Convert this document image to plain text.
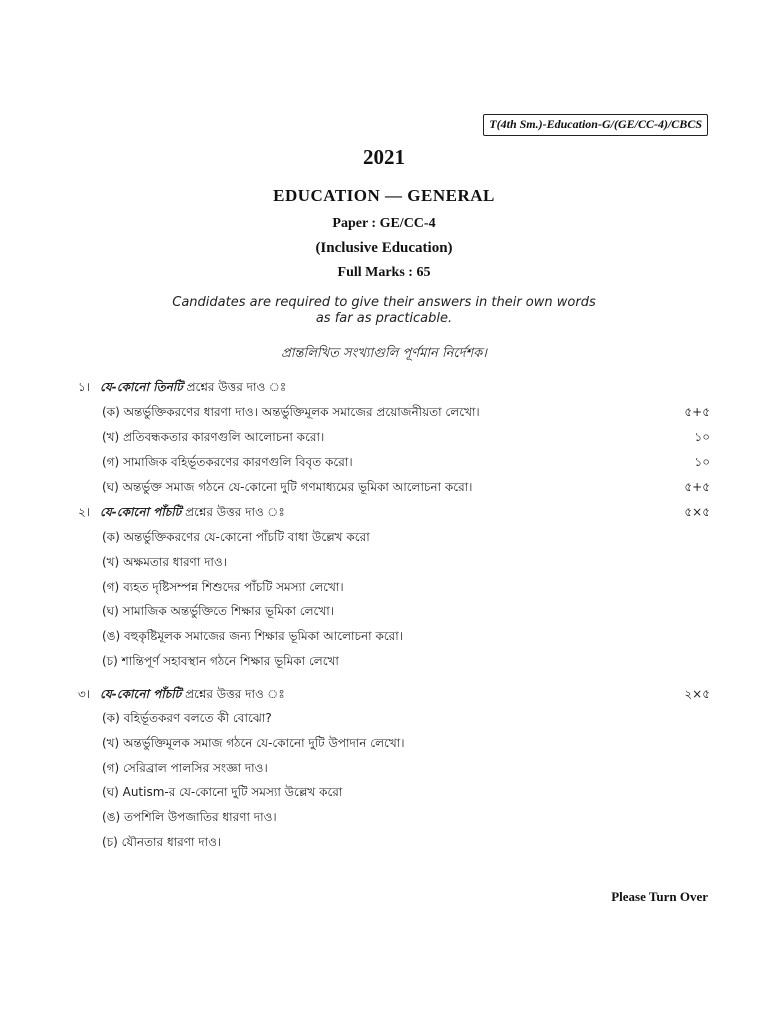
T(4th Sm.)-Education-G/(GE/CC-4)/CBCS
2021
EDUCATION — GENERAL
Paper : GE/CC-4
(Inclusive Education)
Full Marks : 65
Candidates are required to give their answers in their own words
as far as practicable.
প্রান্তলিখিত সংখ্যাগুলি পূর্ণমান নির্দেশক।
১। যে-কোনো তিনটি প্রশ্নের উত্তর দাও ঃ
(ক) অন্তর্ভুক্তিকরণের ধারণা দাও। অন্তর্ভুক্তিমূলক সমাজের প্রয়োজনীয়তা লেখো।	৫+৫
(খ) প্রতিবন্ধকতার কারণগুলি আলোচনা করো।	১০
(গ) সামাজিক বহির্ভূতকরণের কারণগুলি বিবৃত করো।	১০
(ঘ) অন্তর্ভুক্ত সমাজ গঠনে যে-কোনো দুটি গণমাধ্যমের ভূমিকা আলোচনা করো।	৫+৫
২। যে-কোনো পাঁচটি প্রশ্নের উত্তর দাও ঃ	৫×৫
(ক) অন্তর্ভুক্তিকরণের যে-কোনো পাঁচটি বাধা উল্লেখ করো
(খ) অক্ষমতার ধারণা দাও।
(গ) ব্যহত দৃষ্টিসম্পন্ন শিশুদের পাঁচটি সমস্যা লেখো।
(ঘ) সামাজিক অন্তর্ভুক্তিতে শিক্ষার ভূমিকা লেখো।
(ঙ) বহুকৃষ্টিমূলক সমাজের জন্য শিক্ষার ভূমিকা আলোচনা করো।
(চ) শান্তিপূর্ণ সহাবস্থান গঠনে শিক্ষার ভূমিকা লেখো
৩। যে-কোনো পাঁচটি প্রশ্নের উত্তর দাও ঃ	২×৫
(ক) বহির্ভূতকরণ বলতে কী বোঝো?
(খ) অন্তর্ভুক্তিমূলক সমাজ গঠনে যে-কোনো দুটি উপাদান লেখো।
(গ) সেরিব্রাল পালসির সংজ্ঞা দাও।
(ঘ) Autism-র যে-কোনো দুটি সমস্যা উল্লেখ করো
(ঙ) তপশিলি উপজাতির ধারণা দাও।
(চ) যৌনতার ধারণা দাও।
Please Turn Over
